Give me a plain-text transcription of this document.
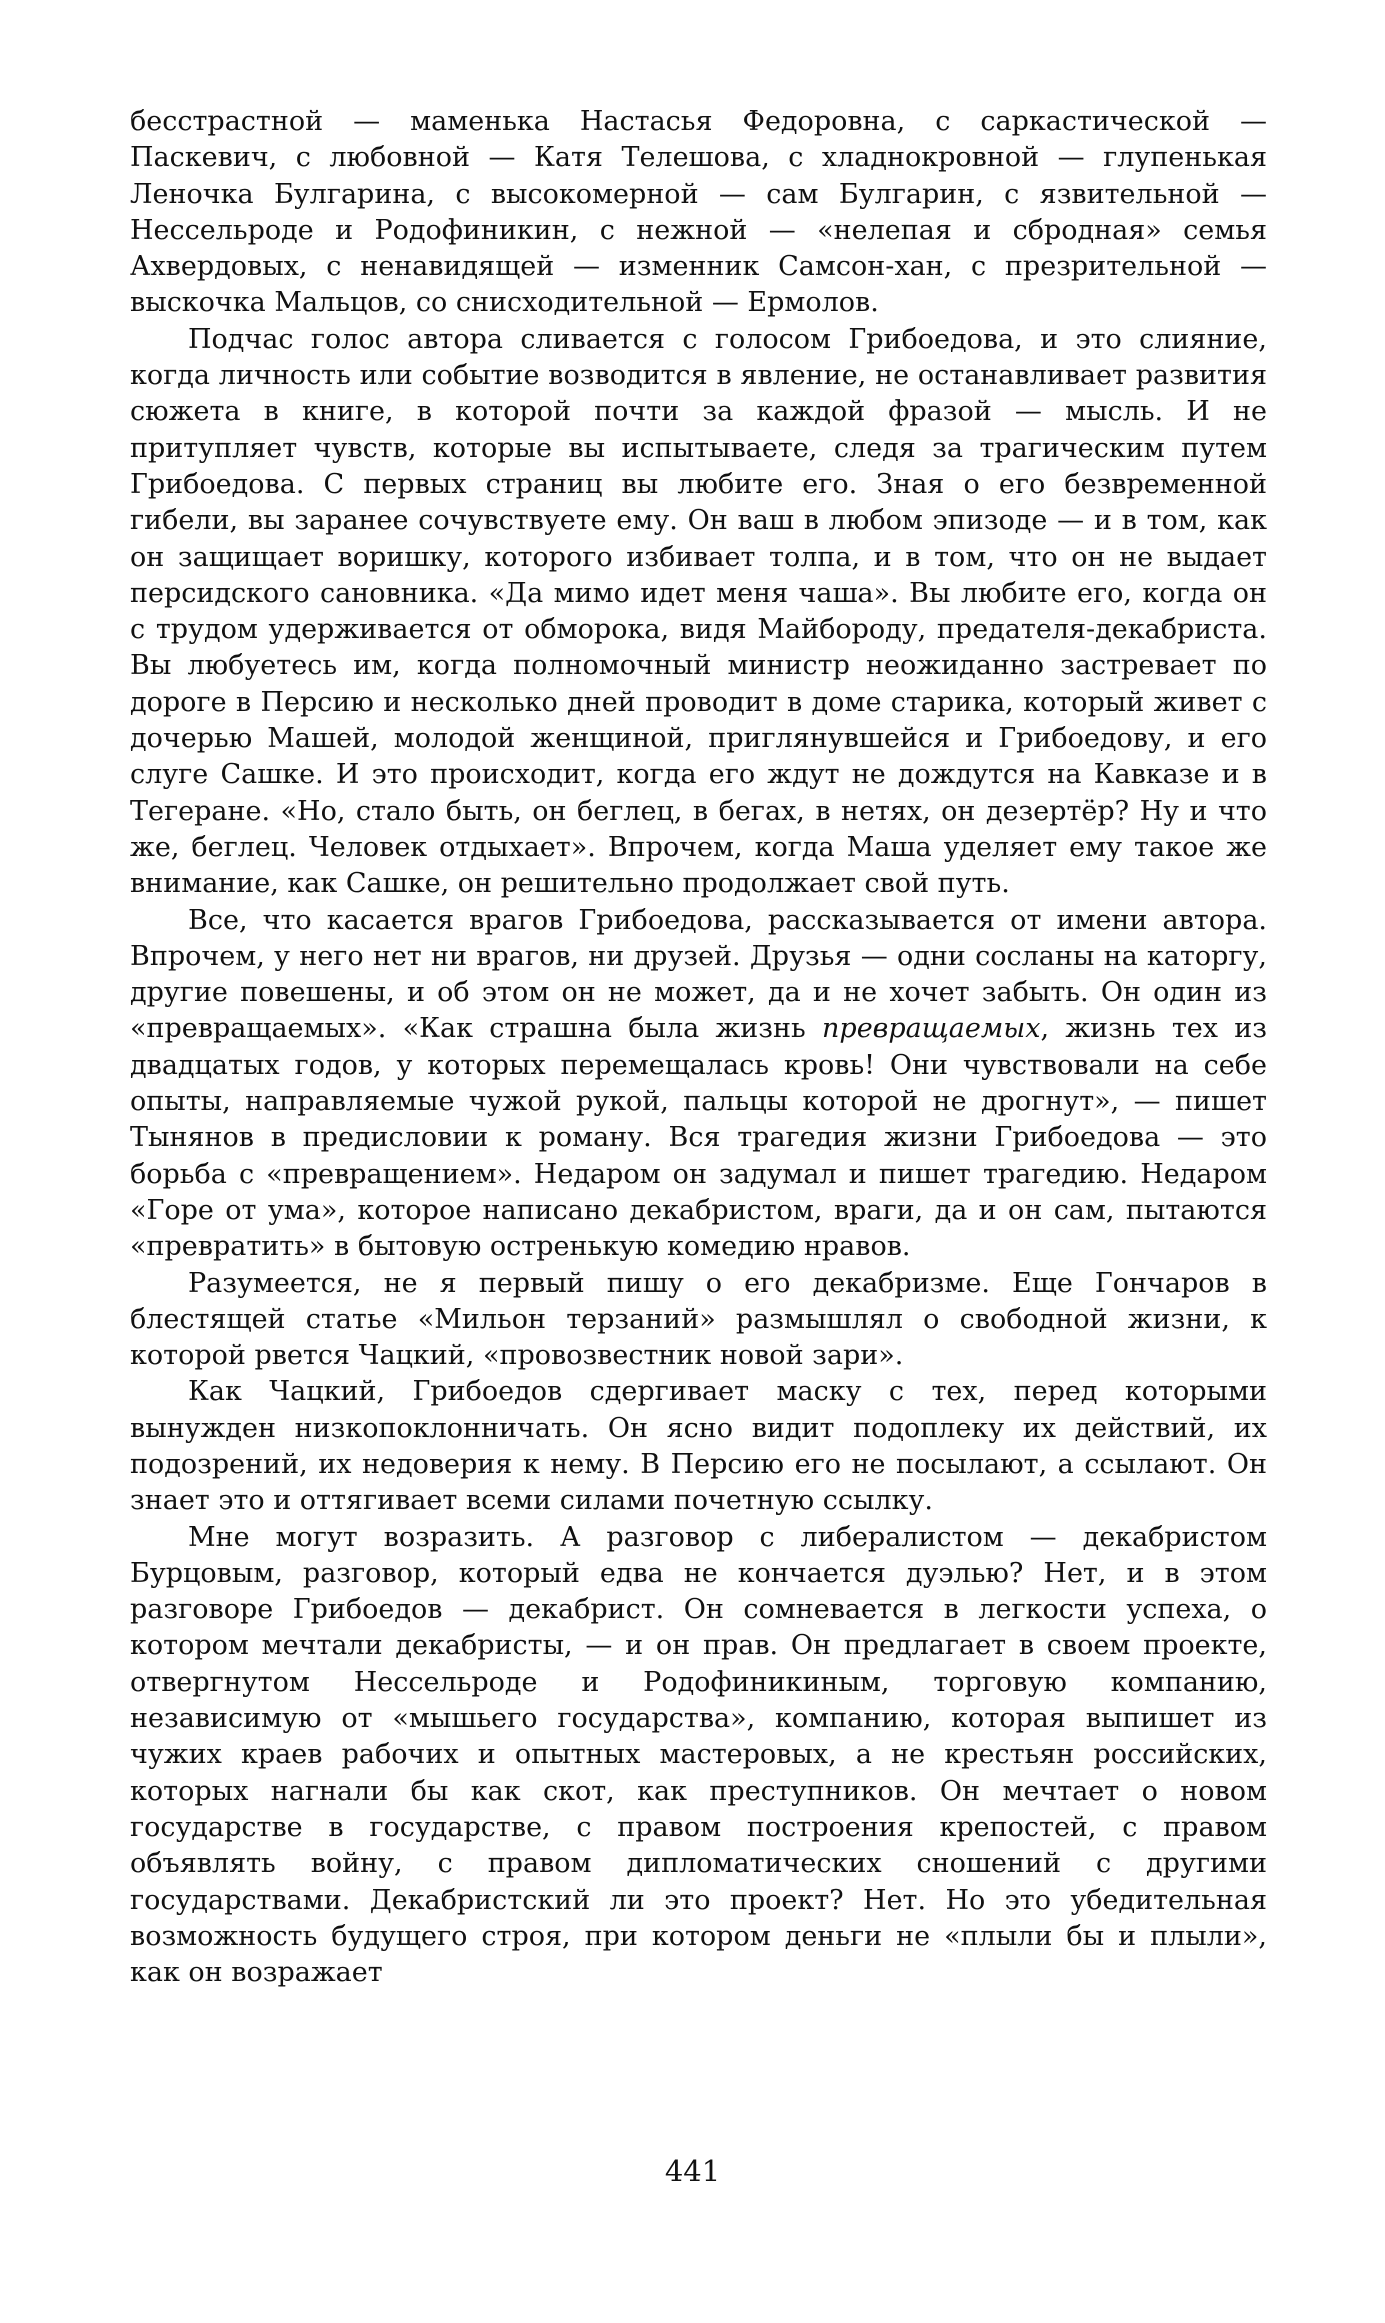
бесстрастной — маменька Настасья Федоровна, с саркастической — Паскевич, с любовной — Катя Телешова, с хладнокровной — глупенькая Леночка Булгарина, с высокомерной — сам Булгарин, с язвительной — Нессельроде и Родофиникин, с нежной — «нелепая и сбродная» семья Ахвердовых, с ненавидящей — изменник Самсон-хан, с презрительной — выскочка Мальцов, со снисходительной — Ермолов.

Подчас голос автора сливается с голосом Грибоедова, и это слияние, когда личность или событие возводится в явление, не останавливает развития сюжета в книге, в которой почти за каждой фразой — мысль. И не притупляет чувств, которые вы испытываете, следя за трагическим путем Грибоедова. С первых страниц вы любите его. Зная о его безвременной гибели, вы заранее сочувствуете ему. Он ваш в любом эпизоде — и в том, как он защищает воришку, которого избивает толпа, и в том, что он не выдает персидского сановника. «Да мимо идет меня чаша». Вы любите его, когда он с трудом удерживается от обморока, видя Майбороду, предателя-декабриста. Вы любуетесь им, когда полномочный министр неожиданно застревает по дороге в Персию и несколько дней проводит в доме старика, который живет с дочерью Машей, молодой женщиной, приглянувшейся и Грибоедову, и его слуге Сашке. И это происходит, когда его ждут не дождутся на Кавказе и в Тегеране. «Но, стало быть, он беглец, в бегах, в нетях, он дезертёр? Ну и что же, беглец. Человек отдыхает». Впрочем, когда Маша уделяет ему такое же внимание, как Сашке, он решительно продолжает свой путь.

Все, что касается врагов Грибоедова, рассказывается от имени автора. Впрочем, у него нет ни врагов, ни друзей. Друзья — одни сосланы на каторгу, другие повешены, и об этом он не может, да и не хочет забыть. Он один из «превращаемых». «Как страшна была жизнь превращаемых, жизнь тех из двадцатых годов, у которых перемещалась кровь! Они чувствовали на себе опыты, направляемые чужой рукой, пальцы которой не дрогнут», — пишет Тынянов в предисловии к роману. Вся трагедия жизни Грибоедова — это борьба с «превращением». Недаром он задумал и пишет трагедию. Недаром «Горе от ума», которое написано декабристом, враги, да и он сам, пытаются «превратить» в бытовую остренькую комедию нравов.

Разумеется, не я первый пишу о его декабризме. Еще Гончаров в блестящей статье «Мильон терзаний» размышлял о свободной жизни, к которой рвется Чацкий, «провозвестник новой зари».

Как Чацкий, Грибоедов сдергивает маску с тех, перед которыми вынужден низкопоклонничать. Он ясно видит подоплеку их действий, их подозрений, их недоверия к нему. В Персию его не посылают, а ссылают. Он знает это и оттягивает всеми силами почетную ссылку.

Мне могут возразить. А разговор с либералистом — декабристом Бурцовым, разговор, который едва не кончается дуэлью? Нет, и в этом разговоре Грибоедов — декабрист. Он сомневается в легкости успеха, о котором мечтали декабристы, — и он прав. Он предлагает в своем проекте, отвергнутом Нессельроде и Родофиникиным, торговую компанию, независимую от «мышьего государства», компанию, которая выпишет из чужих краев рабочих и опытных мастеровых, а не крестьян российских, которых нагнали бы как скот, как преступников. Он мечтает о новом государстве в государстве, с правом построения крепостей, с правом объявлять войну, с правом дипломатических сношений с другими государствами. Декабристский ли это проект? Нет. Но это убедительная возможность будущего строя, при котором деньги не «плыли бы и плыли», как он возражает

441
